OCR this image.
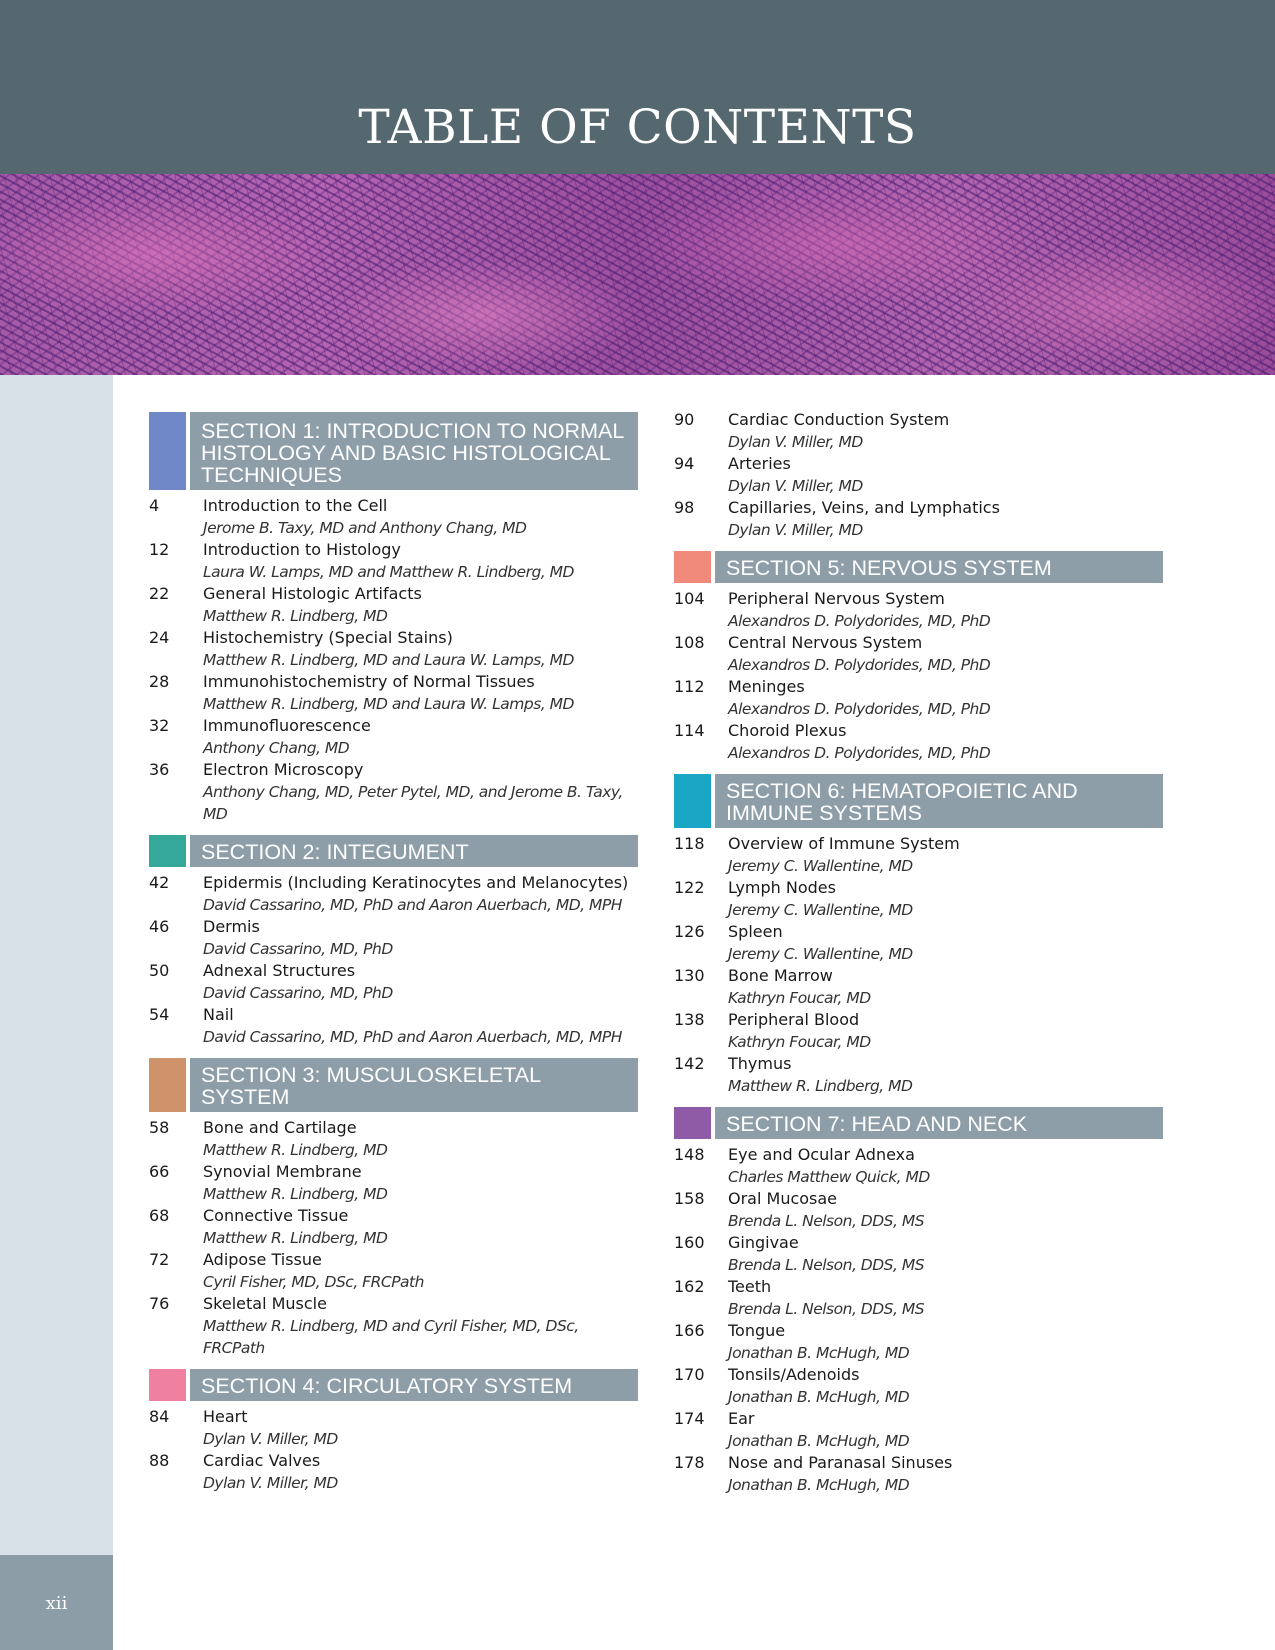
TABLE OF CONTENTS
xii
SECTION 1: INTRODUCTION TO NORMAL HISTOLOGY AND BASIC HISTOLOGICAL TECHNIQUES
4	Introduction to the Cell
Jerome B. Taxy, MD and Anthony Chang, MD
12 Introduction to Histology
Laura W. Lamps, MD and Matthew R. Lindberg, MD
22 General Histologic Artifacts
Matthew R. Lindberg, MD
24 Histochemistry (Special Stains)
Matthew R. Lindberg, MD and Laura W. Lamps, MD
28 Immunohistochemistry of Normal Tissues
Matthew R. Lindberg, MD and Laura W. Lamps, MD
32 Immunofluorescence
Anthony Chang, MD
36 Electron Microscopy
Anthony Chang, MD, Peter Pytel, MD, and Jerome B. Taxy, MD
SECTION 2: INTEGUMENT
42 Epidermis (Including Keratinocytes and Melanocytes)
David Cassarino, MD, PhD and Aaron Auerbach, MD, MPH
46 Dermis
David Cassarino, MD, PhD
50 Adnexal Structures
David Cassarino, MD, PhD
54 Nail
David Cassarino, MD, PhD and Aaron Auerbach, MD, MPH
SECTION 3: MUSCULOSKELETAL SYSTEM
58 Bone and Cartilage
Matthew R. Lindberg, MD
66 Synovial Membrane
Matthew R. Lindberg, MD
68 Connective Tissue
Matthew R. Lindberg, MD
72 Adipose Tissue
Cyril Fisher, MD, DSc, FRCPath
76 Skeletal Muscle
Matthew R. Lindberg, MD and Cyril Fisher, MD, DSc, FRCPath
SECTION 4: CIRCULATORY SYSTEM
84 Heart
Dylan V. Miller, MD
88 Cardiac Valves
Dylan V. Miller, MD
90 Cardiac Conduction System
Dylan V. Miller, MD
94 Arteries
Dylan V. Miller, MD
98 Capillaries, Veins, and Lymphatics
Dylan V. Miller, MD
SECTION 5: NERVOUS SYSTEM
104 Peripheral Nervous System
Alexandros D. Polydorides, MD, PhD
108 Central Nervous System
Alexandros D. Polydorides, MD, PhD
112 Meninges
Alexandros D. Polydorides, MD, PhD
114 Choroid Plexus
Alexandros D. Polydorides, MD, PhD
SECTION 6: HEMATOPOIETIC AND IMMUNE SYSTEMS
118 Overview of Immune System
Jeremy C. Wallentine, MD
122 Lymph Nodes
Jeremy C. Wallentine, MD
126 Spleen
Jeremy C. Wallentine, MD
130 Bone Marrow
Kathryn Foucar, MD
138 Peripheral Blood
Kathryn Foucar, MD
142 Thymus
Matthew R. Lindberg, MD
SECTION 7: HEAD AND NECK
148 Eye and Ocular Adnexa
Charles Matthew Quick, MD
158 Oral Mucosae
Brenda L. Nelson, DDS, MS
160 Gingivae
Brenda L. Nelson, DDS, MS
162 Teeth
Brenda L. Nelson, DDS, MS
166 Tongue
Jonathan B. McHugh, MD
170 Tonsils/Adenoids
Jonathan B. McHugh, MD
174 Ear
Jonathan B. McHugh, MD
178 Nose and Paranasal Sinuses
Jonathan B. McHugh, MD
